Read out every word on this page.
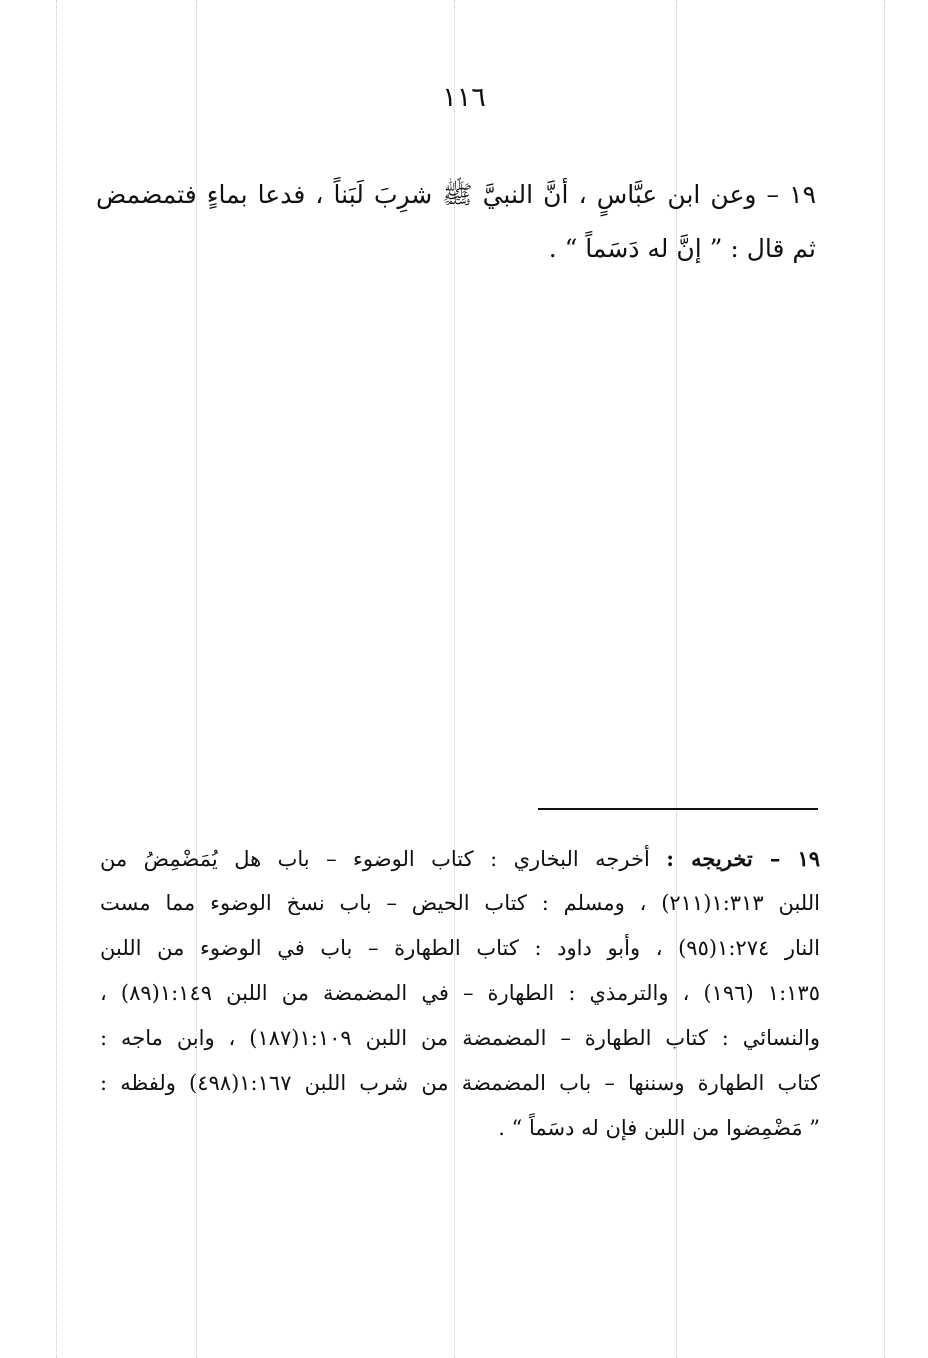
١١٦
١٩ – وعن ابن عبَّاسٍ ، أنَّ النبيَّ ﷺ شرِبَ لَبَناً ، فدعا بماءٍ فتمضمض ثم قال : ” إنَّ له دَسَماً “ .
١٩ – تخريجه : أخرجه البخاري : كتاب الوضوء – باب هل يُمَضْمِضُ من
اللبن ١:٣١٣(٢١١) ، ومسلم : كتاب الحيض – باب نسخ الوضوء مما مست
النار ١:٢٧٤(٩٥) ، وأبو داود : كتاب الطهارة – باب في الوضوء من اللبن
١:١٣٥ (١٩٦) ، والترمذي : الطهارة – في المضمضة من اللبن ١:١٤٩(٨٩) ،
والنسائي : كتاب الطهارة – المضمضة من اللبن ١:١٠٩(١٨٧) ، وابن ماجه :
كتاب الطهارة وسننها – باب المضمضة من شرب اللبن ١:١٦٧(٤٩٨) ولفظه :
” مَضْمِضوا من اللبن فإن له دسَماً “ .
